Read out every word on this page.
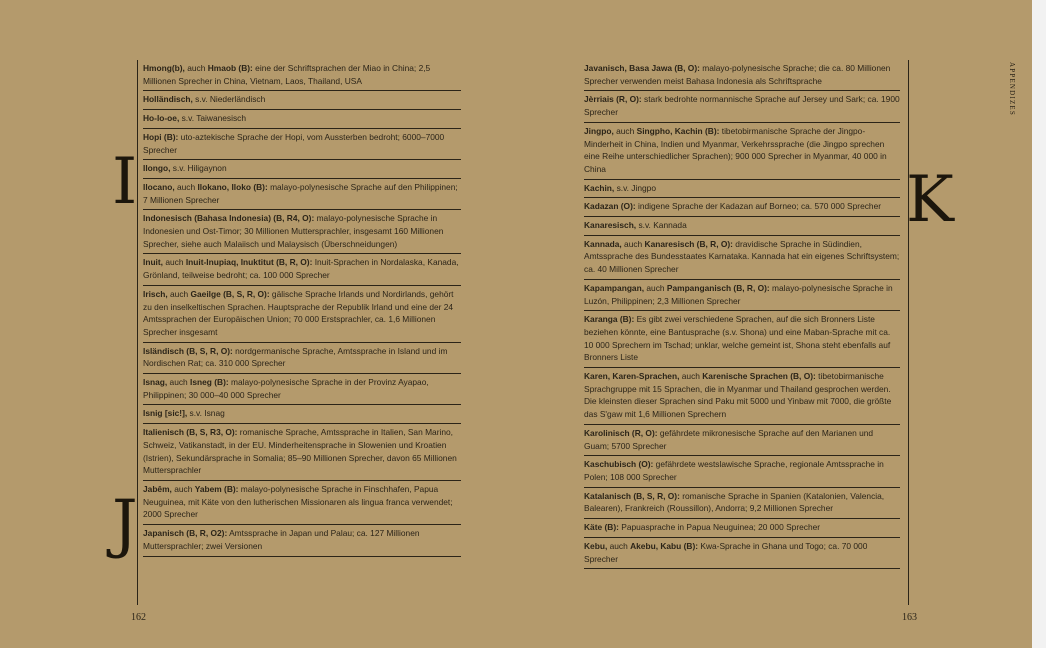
I
J

Hmong(b), auch Hmaob (B): eine der Schriftsprachen der Miao in China; 2,5 Millionen Sprecher in China, Vietnam, Laos, Thailand, USA

Holländisch, s.v. Niederländisch

Ho-lo-oe, s.v. Taiwanesisch

Hopi (B): uto-aztekische Sprache der Hopi, vom Aussterben bedroht; 6000–7000 Sprecher

Ilongo, s.v. Hiligaynon

Ilocano, auch Ilokano, Iloko (B): malayo-polynesische Sprache auf den Philippinen; 7 Millionen Sprecher

Indonesisch (Bahasa Indonesia) (B, R4, O): malayo-polynesische Sprache in Indonesien und Ost-Timor; 30 Millionen Muttersprachler, insgesamt 160 Millionen Sprecher, siehe auch Malaiisch und Malaysisch (Überschneidungen)

Inuit, auch Inuit-Inupiaq, Inuktitut (B, R, O): Inuit-Sprachen in Nordalaska, Kanada, Grönland, teilweise bedroht; ca. 100 000 Sprecher

Irisch, auch Gaeilge (B, S, R, O): gälische Sprache Irlands und Nordirlands, gehört zu den inselkeltischen Sprachen. Hauptsprache der Republik Irland und eine der 24 Amtssprachen der Europäischen Union; 70 000 Erstsprachler, ca. 1,6 Millionen Sprecher insgesamt

Isländisch (B, S, R, O): nordgermanische Sprache, Amtssprache in Island und im Nordischen Rat; ca. 310 000 Sprecher

Isnag, auch Isneg (B): malayo-polynesische Sprache in der Provinz Ayapao, Philippinen; 30 000–40 000 Sprecher

Isnig [sic!], s.v. Isnag

Italienisch (B, S, R3, O): romanische Sprache, Amtssprache in Italien, San Marino, Schweiz, Vatikanstadt, in der EU. Minderheitensprache in Slowenien und Kroatien (Istrien), Sekundärsprache in Somalia; 85–90 Millionen Sprecher, davon 65 Millionen Muttersprachler

Jabêm, auch Yabem (B): malayo-polynesische Sprache in Finschhafen, Papua Neuguinea, mit Käte von den lutherischen Missionaren als lingua franca verwendet; 2000 Sprecher

Japanisch (B, R, O2): Amtssprache in Japan und Palau; ca. 127 Millionen Muttersprachler; zwei Versionen

162
K

Javanisch, Basa Jawa (B, O): malayo-polynesische Sprache; die ca. 80 Millionen Sprecher verwenden meist Bahasa Indonesia als Schriftsprache

Jèrriais (R, O): stark bedrohte normannische Sprache auf Jersey und Sark; ca. 1900 Sprecher

Jingpo, auch Singpho, Kachin (B): tibetobirmanische Sprache der Jingpo-Minderheit in China, Indien und Myanmar, Verkehrssprache (die Jingpo sprechen eine Reihe unterschiedlicher Sprachen); 900 000 Sprecher in Myanmar, 40 000 in China

Kachin, s.v. Jingpo

Kadazan (O): indigene Sprache der Kadazan auf Borneo; ca. 570 000 Sprecher

Kanaresisch, s.v. Kannada

Kannada, auch Kanaresisch (B, R, O): dravidische Sprache in Südindien, Amtssprache des Bundesstaates Karnataka. Kannada hat ein eigenes Schriftsystem; ca. 40 Millionen Sprecher

Kapampangan, auch Pampanganisch (B, R, O): malayo-polynesische Sprache in Luzón, Philippinen; 2,3 Millionen Sprecher

Karanga (B): Es gibt zwei verschiedene Sprachen, auf die sich Bronners Liste beziehen könnte, eine Bantusprache (s.v. Shona) und eine Maban-Sprache mit ca. 10 000 Sprechern im Tschad; unklar, welche gemeint ist, Shona steht ebenfalls auf Bronners Liste

Karen, Karen-Sprachen, auch Karenische Sprachen (B, O): tibetobirmanische Sprachgruppe mit 15 Sprachen, die in Myanmar und Thailand gesprochen werden. Die kleinsten dieser Sprachen sind Paku mit 5000 und Yinbaw mit 7000, die größte das S'gaw mit 1,6 Millionen Sprechern

Karolinisch (R, O): gefährdete mikronesische Sprache auf den Marianen und Guam; 5700 Sprecher

Kaschubisch (O): gefährdete westslawische Sprache, regionale Amtssprache in Polen; 108 000 Sprecher

Katalanisch (B, S, R, O): romanische Sprache in Spanien (Katalonien, Valencia, Balearen), Frankreich (Roussillon), Andorra; 9,2 Millionen Sprecher

Käte (B): Papuasprache in Papua Neuguinea; 20 000 Sprecher

Kebu, auch Akebu, Kabu (B): Kwa-Sprache in Ghana und Togo; ca. 70 000 Sprecher

163
APPENDIZES
